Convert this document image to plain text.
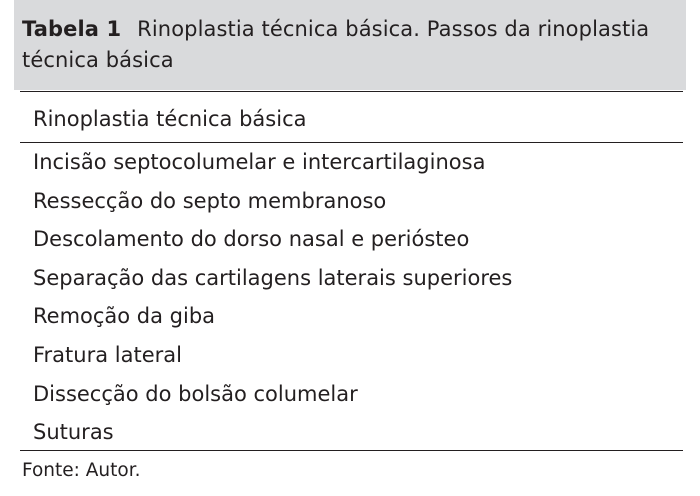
Tabela 1 Rinoplastia técnica básica. Passos da rinoplastia técnica básica
Rinoplastia técnica básica
Incisão septocolumelar e intercartilaginosa
Ressecção do septo membranoso
Descolamento do dorso nasal e periósteo
Separação das cartilagens laterais superiores
Remoção da giba
Fratura lateral
Dissecção do bolsão columelar
Suturas
Fonte: Autor.
